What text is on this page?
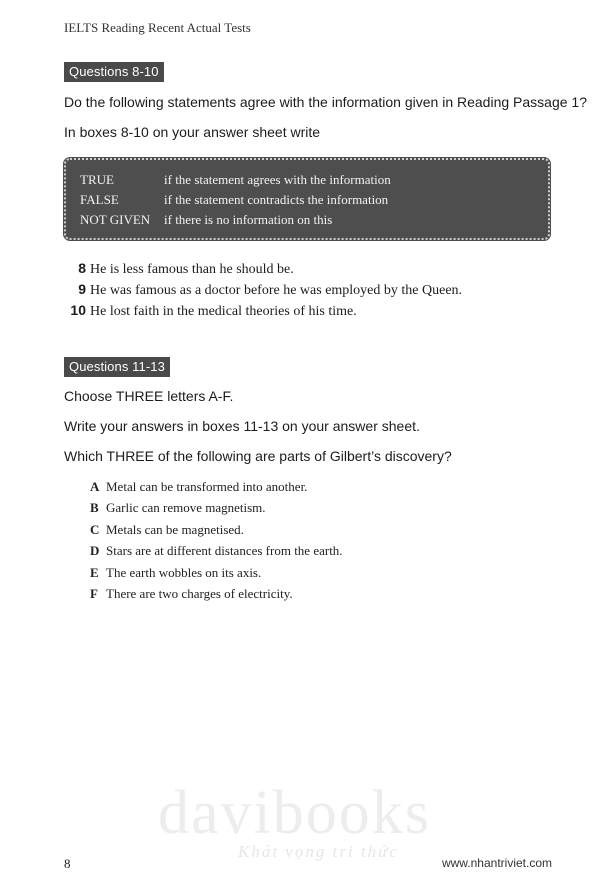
IELTS Reading Recent Actual Tests
Questions 8-10
Do the following statements agree with the information given in Reading Passage 1?
In boxes 8-10 on your answer sheet write
TRUE	if the statement agrees with the information
FALSE	if the statement contradicts the information
NOT GIVEN	if there is no information on this
8 He is less famous than he should be.
9 He was famous as a doctor before he was employed by the Queen.
10 He lost faith in the medical theories of his time.
Questions 11-13
Choose THREE letters A-F.
Write your answers in boxes 11-13 on your answer sheet.
Which THREE of the following are parts of Gilbert’s discovery?
A Metal can be transformed into another.
B Garlic can remove magnetism.
C Metals can be magnetised.
D Stars are at different distances from the earth.
E The earth wobbles on its axis.
F There are two charges of electricity.
davibooks
Khát vọng tri thức
8	www.nhantriviet.com
